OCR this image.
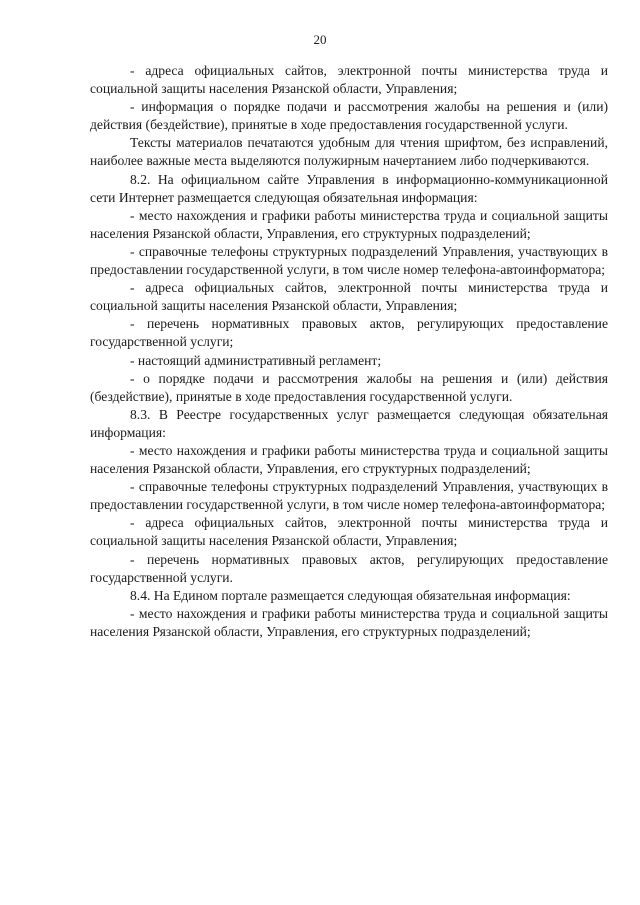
20

- адреса официальных сайтов, электронной почты министерства труда и социальной защиты населения Рязанской области, Управления;

- информация о порядке подачи и рассмотрения жалобы на решения и (или) действия (бездействие), принятые в ходе предоставления государственной услуги.

Тексты материалов печатаются удобным для чтения шрифтом, без исправлений, наиболее важные места выделяются полужирным начертанием либо подчеркиваются.

8.2. На официальном сайте Управления в информационно-коммуникационной сети Интернет размещается следующая обязательная информация:

- место нахождения и графики работы министерства труда и социальной защиты населения Рязанской области, Управления, его структурных подразделений;

- справочные телефоны структурных подразделений Управления, участвующих в предоставлении государственной услуги, в том числе номер телефона-автоинформатора;

- адреса официальных сайтов, электронной почты министерства труда и социальной защиты населения Рязанской области, Управления;

- перечень нормативных правовых актов, регулирующих предоставление государственной услуги;

- настоящий административный регламент;

- о порядке подачи и рассмотрения жалобы на решения и (или) действия (бездействие), принятые в ходе предоставления государственной услуги.

8.3. В Реестре государственных услуг размещается следующая обязательная информация:

- место нахождения и графики работы министерства труда и социальной защиты населения Рязанской области, Управления, его структурных подразделений;

- справочные телефоны структурных подразделений Управления, участвующих в предоставлении государственной услуги, в том числе номер телефона-автоинформатора;

- адреса официальных сайтов, электронной почты министерства труда и социальной защиты населения Рязанской области, Управления;

- перечень нормативных правовых актов, регулирующих предоставление государственной услуги.

8.4. На Едином портале размещается следующая обязательная информация:

- место нахождения и графики работы министерства труда и социальной защиты населения Рязанской области, Управления, его структурных подразделений;
